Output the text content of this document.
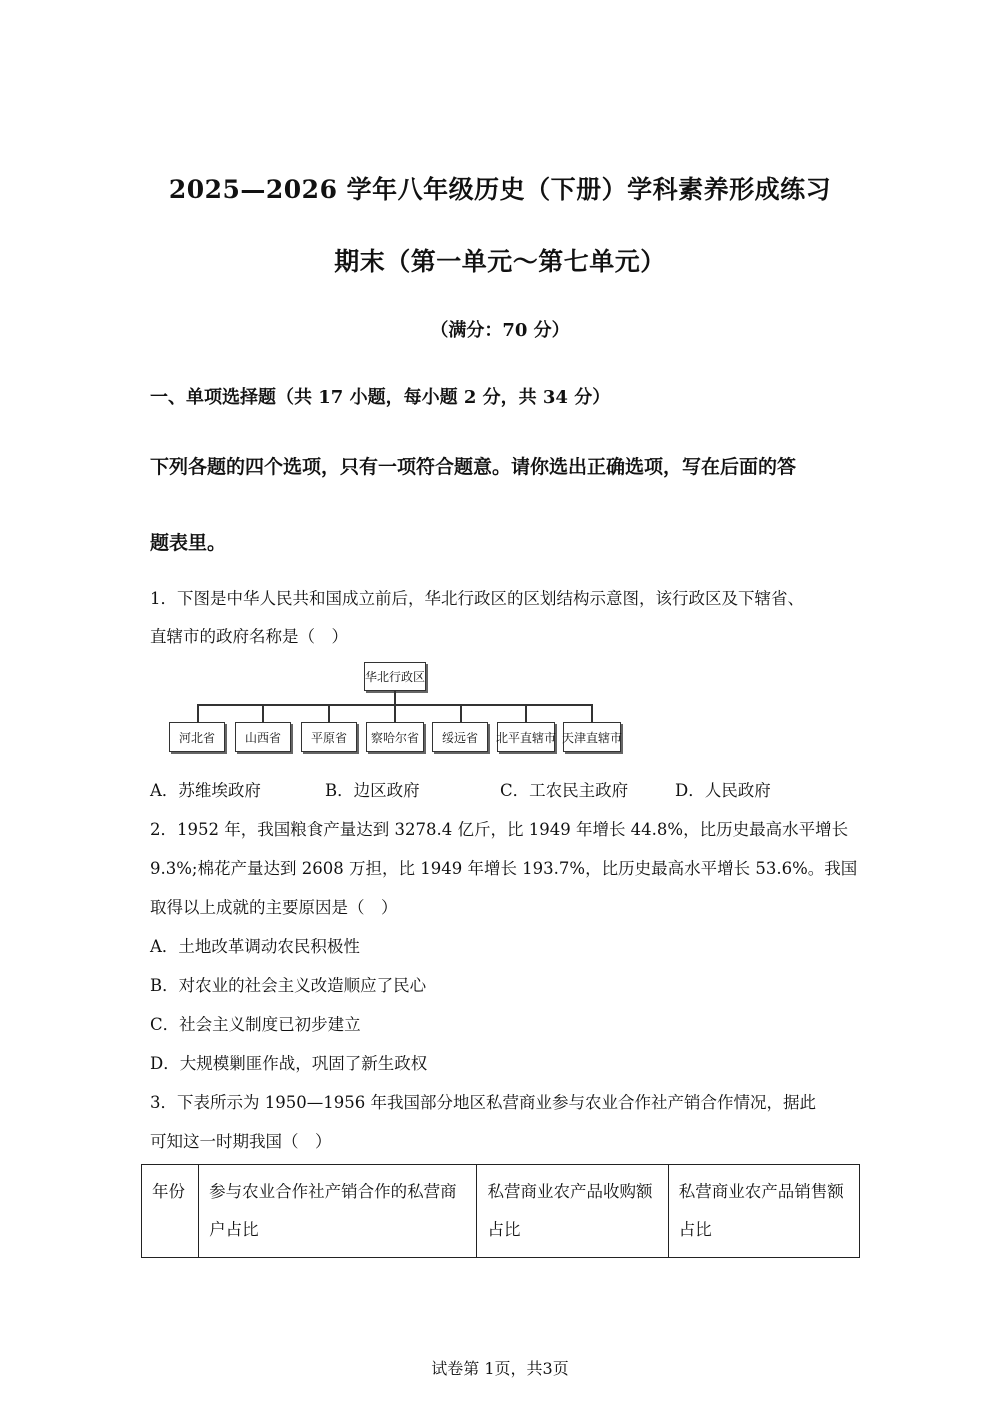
2025—2026 学年八年级历史（下册）学科素养形成练习
期末（第一单元～第七单元）
（满分：70 分）
一、单项选择题（共 17 小题，每小题 2 分，共 34 分）
下列各题的四个选项，只有一项符合题意。请你选出正确选项，写在后面的答
题表里。
1．下图是中华人民共和国成立前后，华北行政区的区划结构示意图，该行政区及下辖省、
直辖市的政府名称是（　）
华北行政区
河北省	山西省	平原省	察哈尔省	绥远省	北平直辖市 天津直辖市
A．苏维埃政府	B．边区政府	C．工农民主政府	D．人民政府
2．1952 年，我国粮食产量达到 3278.4 亿斤，比 1949 年增长 44.8%，比历史最高水平增长
9.3%;棉花产量达到 2608 万担，比 1949 年增长 193.7%，比历史最高水平增长 53.6%。我国
取得以上成就的主要原因是（　）
A．土地改革调动农民积极性
B．对农业的社会主义改造顺应了民心
C．社会主义制度已初步建立
D．大规模剿匪作战，巩固了新生政权
3．下表所示为 1950—1956 年我国部分地区私营商业参与农业合作社产销合作情况，据此
可知这一时期我国（　）
年份	参与农业合作社产销合作的私营商户占比	私营商业农产品收购额占比	私营商业农产品销售额占比
试卷第 1页，共3页
